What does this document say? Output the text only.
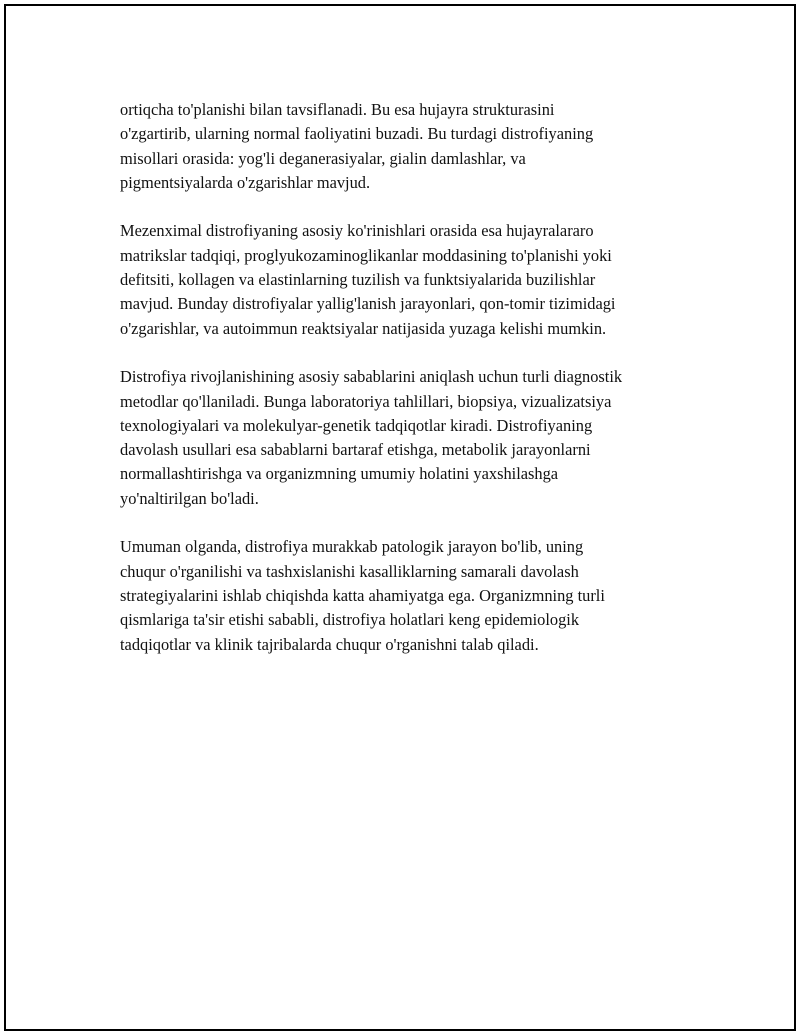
ortiqcha to'planishi bilan tavsiflanadi. Bu esa hujayra strukturasini
o'zgartirib, ularning normal faoliyatini buzadi. Bu turdagi distrofiyaning
misollari orasida: yog'li deganerasiyalar, gialin damlashlar, va
pigmentsiyalarda o'zgarishlar mavjud.

Mezenximal distrofiyaning asosiy ko'rinishlari orasida esa hujayralararo
matrikslar tadqiqi, proglyukozaminoglikanlar moddasining to'planishi yoki
defitsiti, kollagen va elastinlarning tuzilish va funktsiyalarida buzilishlar
mavjud. Bunday distrofiyalar yallig'lanish jarayonlari, qon-tomir tizimidagi
o'zgarishlar, va autoimmun reaktsiyalar natijasida yuzaga kelishi mumkin.

Distrofiya rivojlanishining asosiy sabablarini aniqlash uchun turli diagnostik
metodlar qo'llaniladi. Bunga laboratoriya tahlillari, biopsiya, vizualizatsiya
texnologiyalari va molekulyar-genetik tadqiqotlar kiradi. Distrofiyaning
davolash usullari esa sabablarni bartaraf etishga, metabolik jarayonlarni
normallashtirishga va organizmning umumiy holatini yaxshilashga
yo'naltirilgan bo'ladi.

Umuman olganda, distrofiya murakkab patologik jarayon bo'lib, uning
chuqur o'rganilishi va tashxislanishi kasalliklarning samarali davolash
strategiyalarini ishlab chiqishda katta ahamiyatga ega. Organizmning turli
qismlariga ta'sir etishi sababli, distrofiya holatlari keng epidemiologik
tadqiqotlar va klinik tajribalarda chuqur o'rganishni talab qiladi.
